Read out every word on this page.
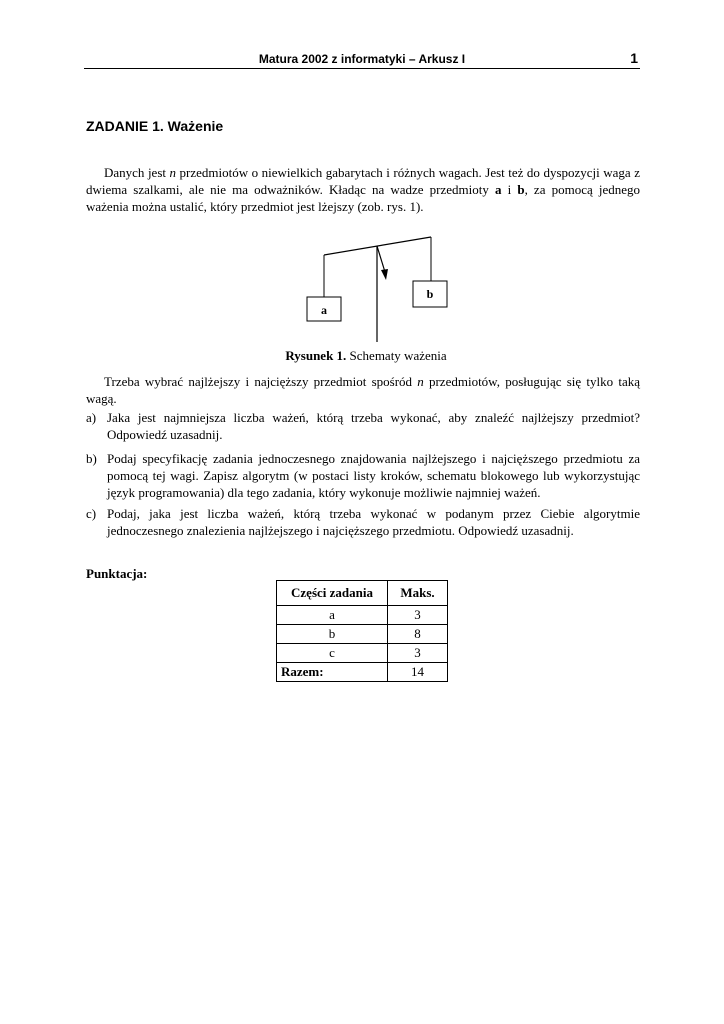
Matura 2002 z informatyki – Arkusz I	1
ZADANIE 1. Ważenie
Danych jest n przedmiotów o niewielkich gabarytach i różnych wagach. Jest też do dyspozycji waga z dwiema szalkami, ale nie ma odważników. Kładąc na wadze przedmioty a i b, za pomocą jednego ważenia można ustalić, który przedmiot jest lżejszy (zob. rys. 1).
a
b
Rysunek 1. Schematy ważenia
Trzeba wybrać najlżejszy i najcięższy przedmiot spośród n przedmiotów, posługując się tylko taką wagą.
a) Jaka jest najmniejsza liczba ważeń, którą trzeba wykonać, aby znaleźć najlżejszy przedmiot? Odpowiedź uzasadnij.
b) Podaj specyfikację zadania jednoczesnego znajdowania najlżejszego i najcięższego przedmiotu za pomocą tej wagi. Zapisz algorytm (w postaci listy kroków, schematu blokowego lub wykorzystując język programowania) dla tego zadania, który wykonuje możliwie najmniej ważeń.
c) Podaj, jaka jest liczba ważeń, którą trzeba wykonać w podanym przez Ciebie algorytmie jednoczesnego znalezienia najlżejszego i najcięższego przedmiotu. Odpowiedź uzasadnij.
Punktacja:
Części zadania	Maks.
a	3
b	8
c	3
Razem:	14
